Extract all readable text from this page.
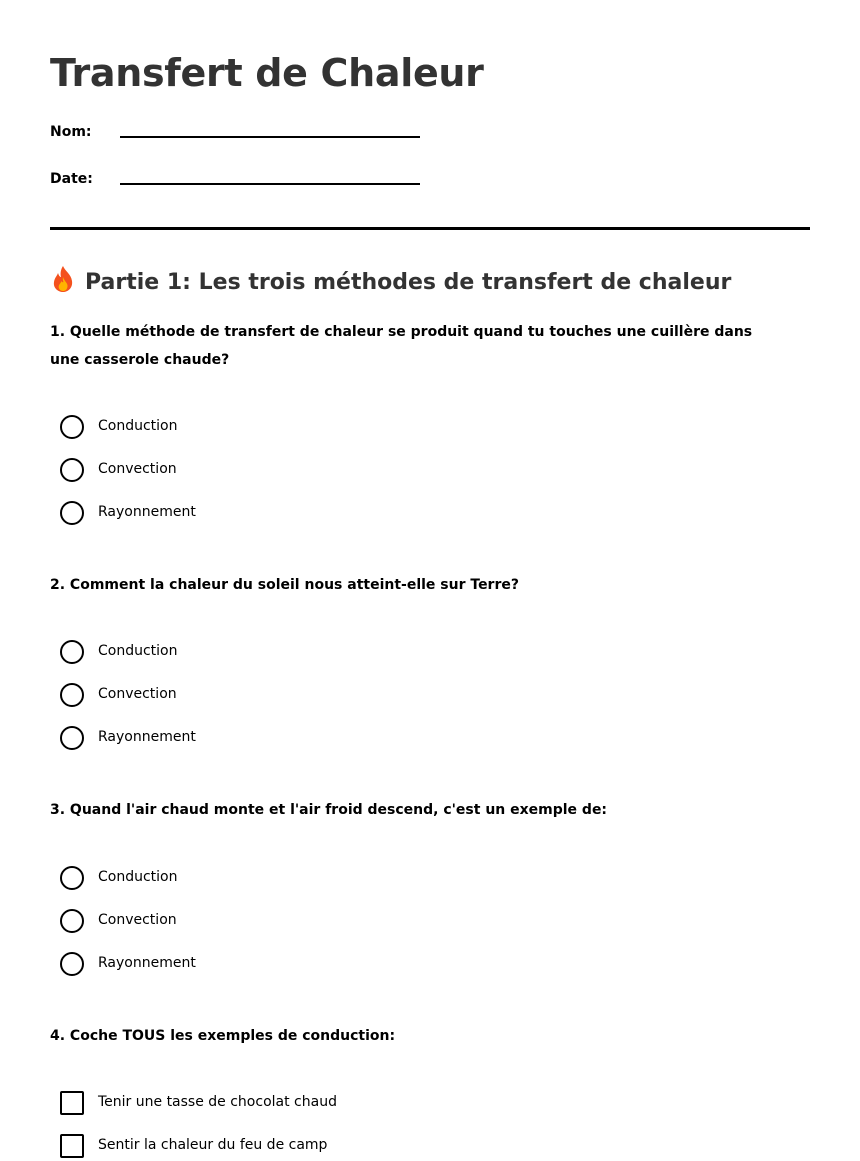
Transfert de Chaleur
Nom:
Date:
Partie 1: Les trois méthodes de transfert de chaleur

1. Quelle méthode de transfert de chaleur se produit quand tu touches une cuillère dans une casserole chaude?

Conduction
Convection
Rayonnement

2. Comment la chaleur du soleil nous atteint-elle sur Terre?

Conduction
Convection
Rayonnement

3. Quand l'air chaud monte et l'air froid descend, c'est un exemple de:

Conduction
Convection
Rayonnement

4. Coche TOUS les exemples de conduction:

Tenir une tasse de chocolat chaud
Sentir la chaleur du feu de camp
